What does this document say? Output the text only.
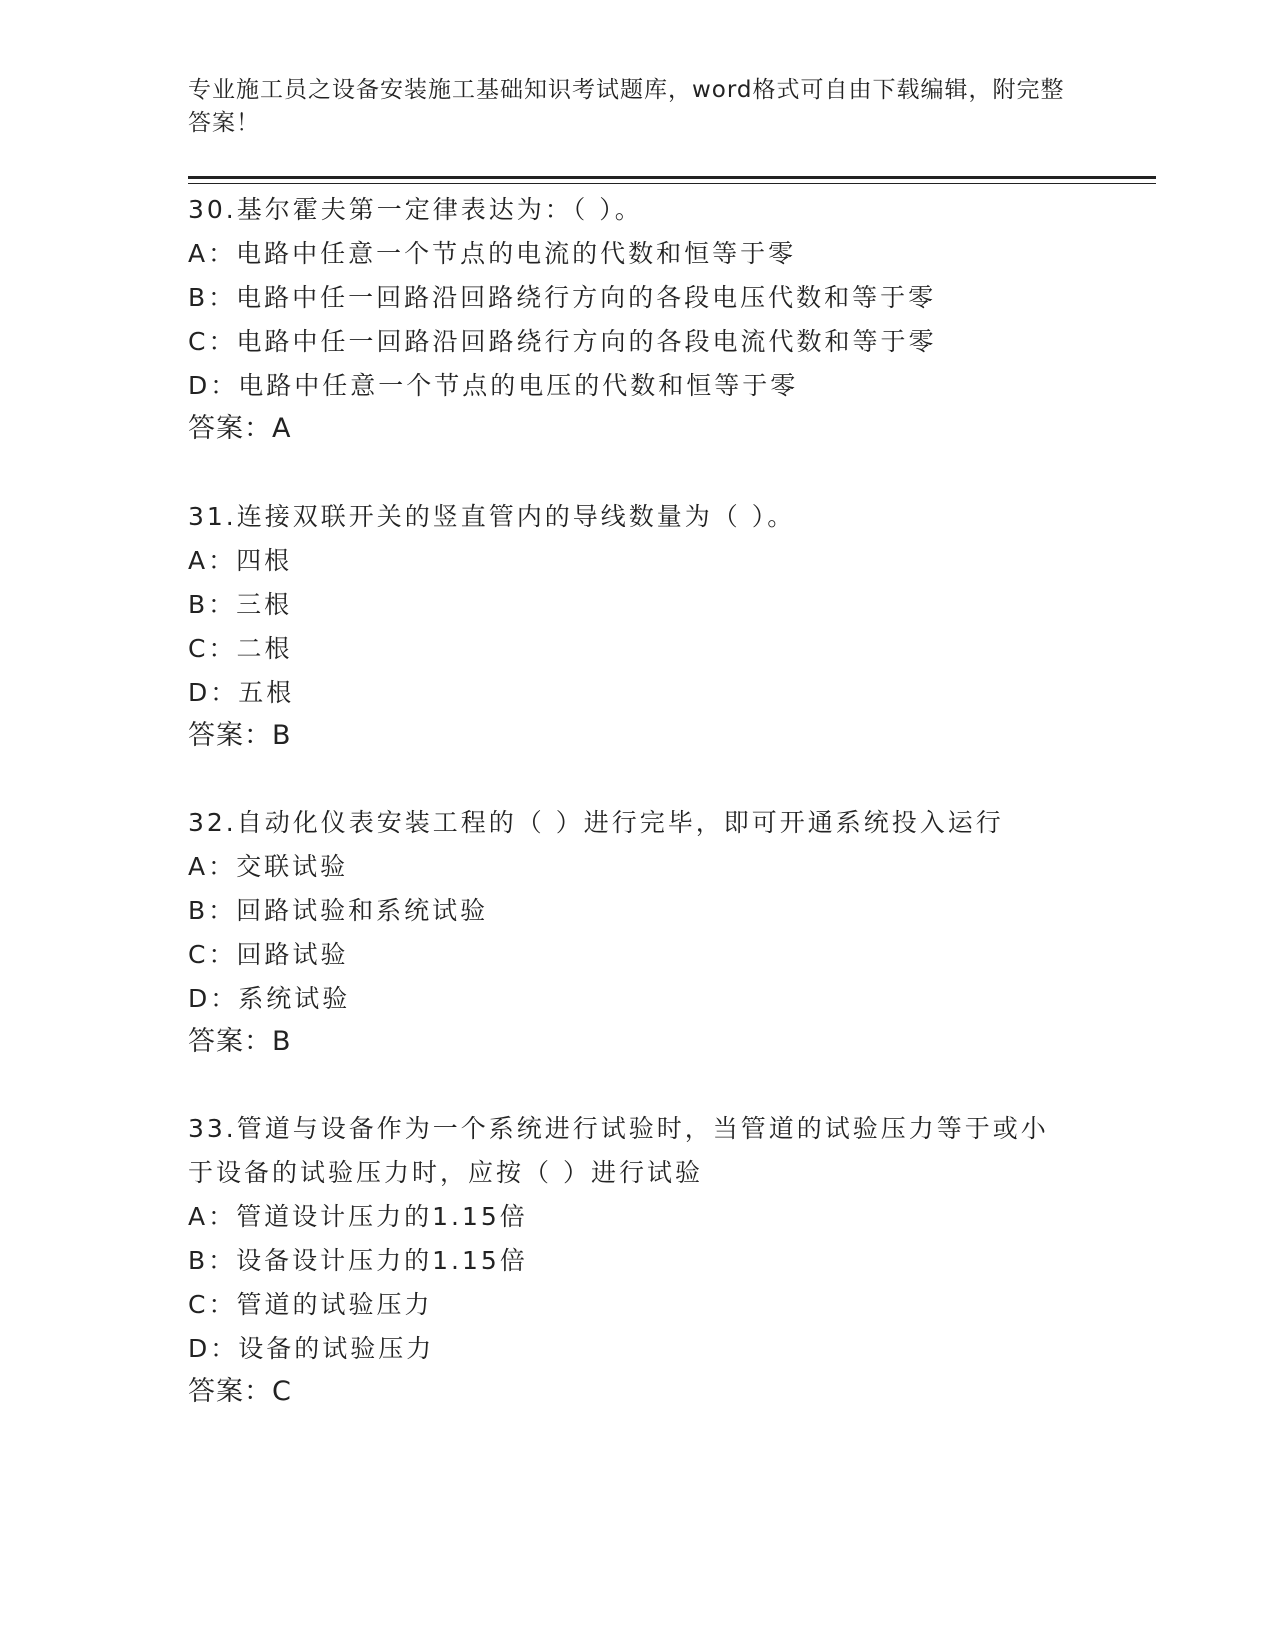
专业施工员之设备安装施工基础知识考试题库，word格式可自由下载编辑，附完整答案！
30.基尔霍夫第一定律表达为：（ ）。
A：电路中任意一个节点的电流的代数和恒等于零
B：电路中任一回路沿回路绕行方向的各段电压代数和等于零
C：电路中任一回路沿回路绕行方向的各段电流代数和等于零
D：电路中任意一个节点的电压的代数和恒等于零
答案：A
31.连接双联开关的竖直管内的导线数量为（ ）。
A：四根
B：三根
C：二根
D：五根
答案：B
32.自动化仪表安装工程的（ ）进行完毕，即可开通系统投入运行
A：交联试验
B：回路试验和系统试验
C：回路试验
D：系统试验
答案：B
33.管道与设备作为一个系统进行试验时，当管道的试验压力等于或小
于设备的试验压力时，应按（ ）进行试验
A：管道设计压力的1.15倍
B：设备设计压力的1.15倍
C：管道的试验压力
D：设备的试验压力
答案：C
